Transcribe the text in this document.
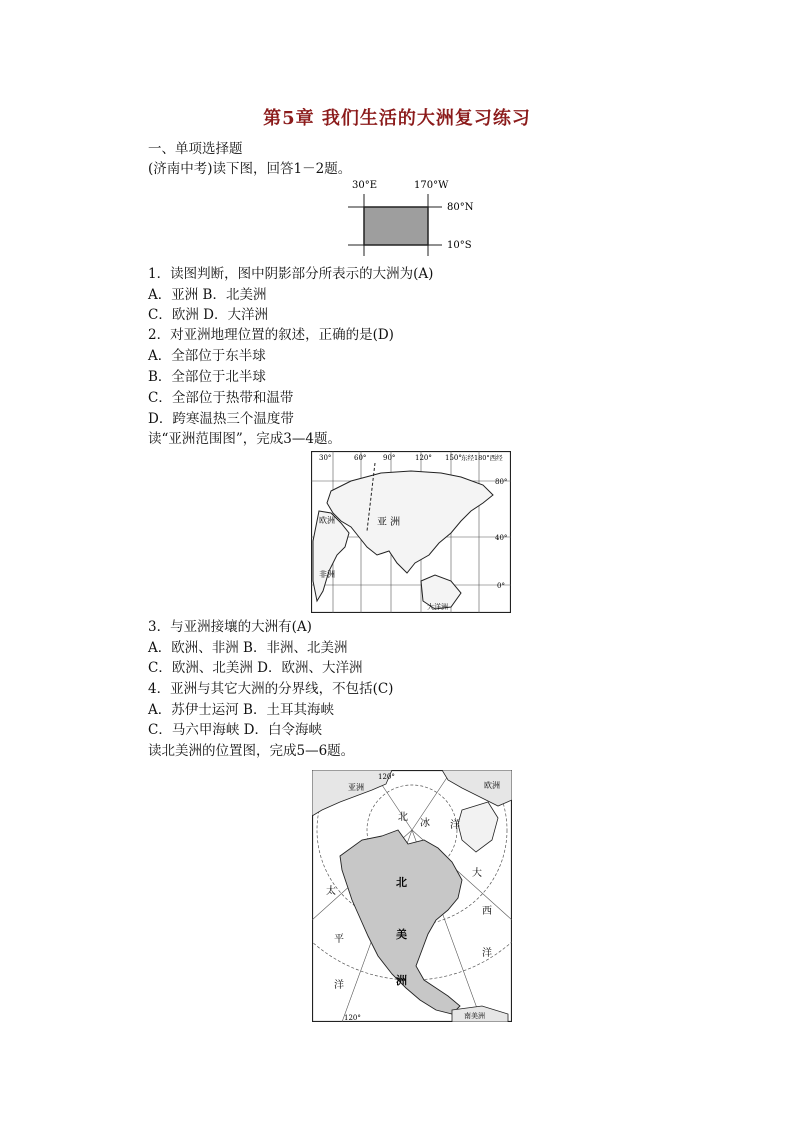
第5章 我们生活的大洲复习练习
一、单项选择题
(济南中考)读下图，回答1－2题。
30°E	170°W
80°N
10°S
1．读图判断，图中阴影部分所表示的大洲为(A)
A．亚洲 B．北美洲
C．欧洲 D．大洋洲
2．对亚洲地理位置的叙述，正确的是(D)
A．全部位于东半球
B．全部位于北半球
C．全部位于热带和温带
D．跨寒温热三个温度带
读“亚洲范围图”，完成3—4题。
30°	60° 90°	120° 150° 东经180°西经
80°
40°
0°
欧洲	亚 洲
非洲
大洋洲
3．与亚洲接壤的大洲有(A)
A．欧洲、非洲 B．非洲、北美洲
C．欧洲、北美洲 D．欧洲、大洋洲
4．亚洲与其它大洲的分界线，不包括(C)
A．苏伊士运河 B．土耳其海峡
C．马六甲海峡 D．白令海峡
读北美洲的位置图，完成5—6题。
120°
120°
亚洲	欧洲
北
冰 洋
太
平
洋
大
西
洋
北
美
洲
南美洲
